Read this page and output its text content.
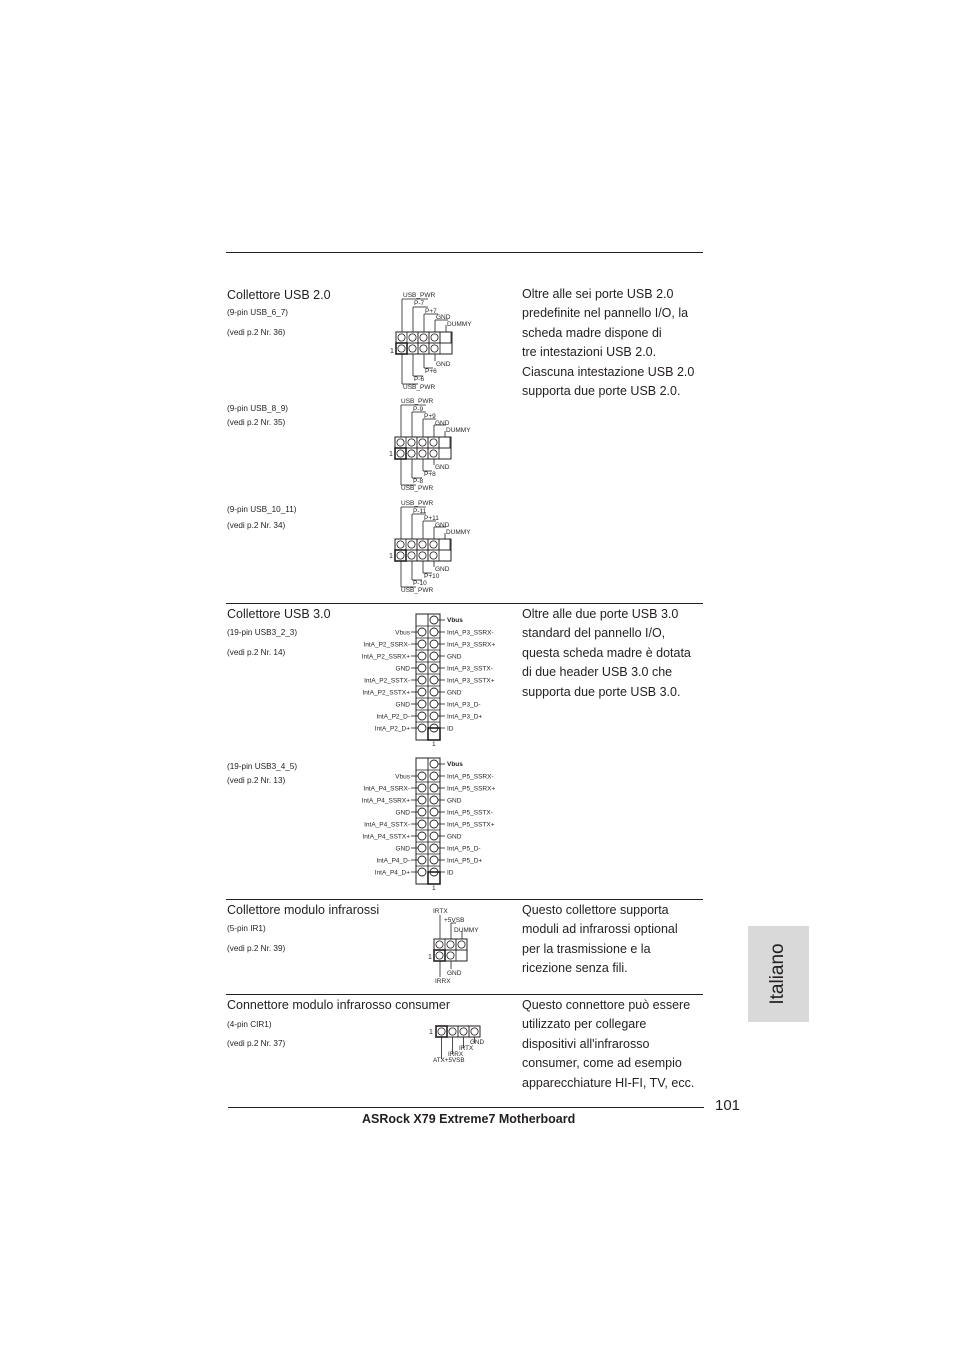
Collettore USB 2.0
(9-pin USB_6_7)
(vedi p.2 Nr. 36)
(9-pin USB_8_9)
(vedi p.2 Nr. 35)
(9-pin USB_10_11)
(vedi p.2 Nr. 34)
Oltre alle sei porte USB 2.0
predefinite nel pannello I/O, la
scheda madre dispone di
tre intestazioni USB 2.0.
Ciascuna intestazione USB 2.0
supporta due porte USB 2.0.
USB_PWR
P-7
P+7
GND
DUMMY
GND
P+6
P-6
USB_PWR
1
USB_PWR
P-9
P+9
GND
DUMMY
GND
P+8
P-8
USB_PWR
1
USB_PWR
P-11
P+11
GND
DUMMY
GND
P+10
P-10
USB_PWR
1
Collettore USB 3.0
(19-pin USB3_2_3)
(vedi p.2 Nr. 14)
(19-pin USB3_4_5)
(vedi p.2 Nr. 13)
Oltre alle due porte USB 3.0
standard del pannello I/O,
questa scheda madre è dotata
di due header USB 3.0 che
supporta due porte USB 3.0.
Vbus	IntA_P3_SSRX-
IntA_P2_SSRX-	IntA_P3_SSRX+
IntA_P2_SSRX+	GND
GND	IntA_P3_SSTX-
IntA_P2_SSTX-	IntA_P3_SSTX+
IntA_P2_SSTX+	GND
GND	IntA_P3_D-
IntA_P2_D-	IntA_P3_D+
IntA_P2_D+	ID
Vbus
1
Vbus	IntA_P5_SSRX-
IntA_P4_SSRX-	IntA_P5_SSRX+
IntA_P4_SSRX+	GND
GND	IntA_P5_SSTX-
IntA_P4_SSTX-	IntA_P5_SSTX+
IntA_P4_SSTX+	GND
GND	IntA_P5_D-
IntA_P4_D-	IntA_P5_D+
IntA_P4_D+	ID
Vbus
1
Collettore modulo infrarossi
(5-pin IR1)
(vedi p.2 Nr. 39)
Questo collettore supporta
moduli ad infrarossi optional
per la trasmissione e la
ricezione senza fili.
IRTX
+5VSB
DUMMY
GND
IRRX
1
Connettore modulo infrarosso consumer
(4-pin CIR1)
(vedi p.2 Nr. 37)
Questo connettore può essere
utilizzato per collegare
dispositivi all'infrarosso
consumer, come ad esempio
apparecchiature HI-FI, TV, ecc.
GND
IRTX
IRRX
ATX+5VSB
1
Italiano
101
ASRock X79 Extreme7 Motherboard
